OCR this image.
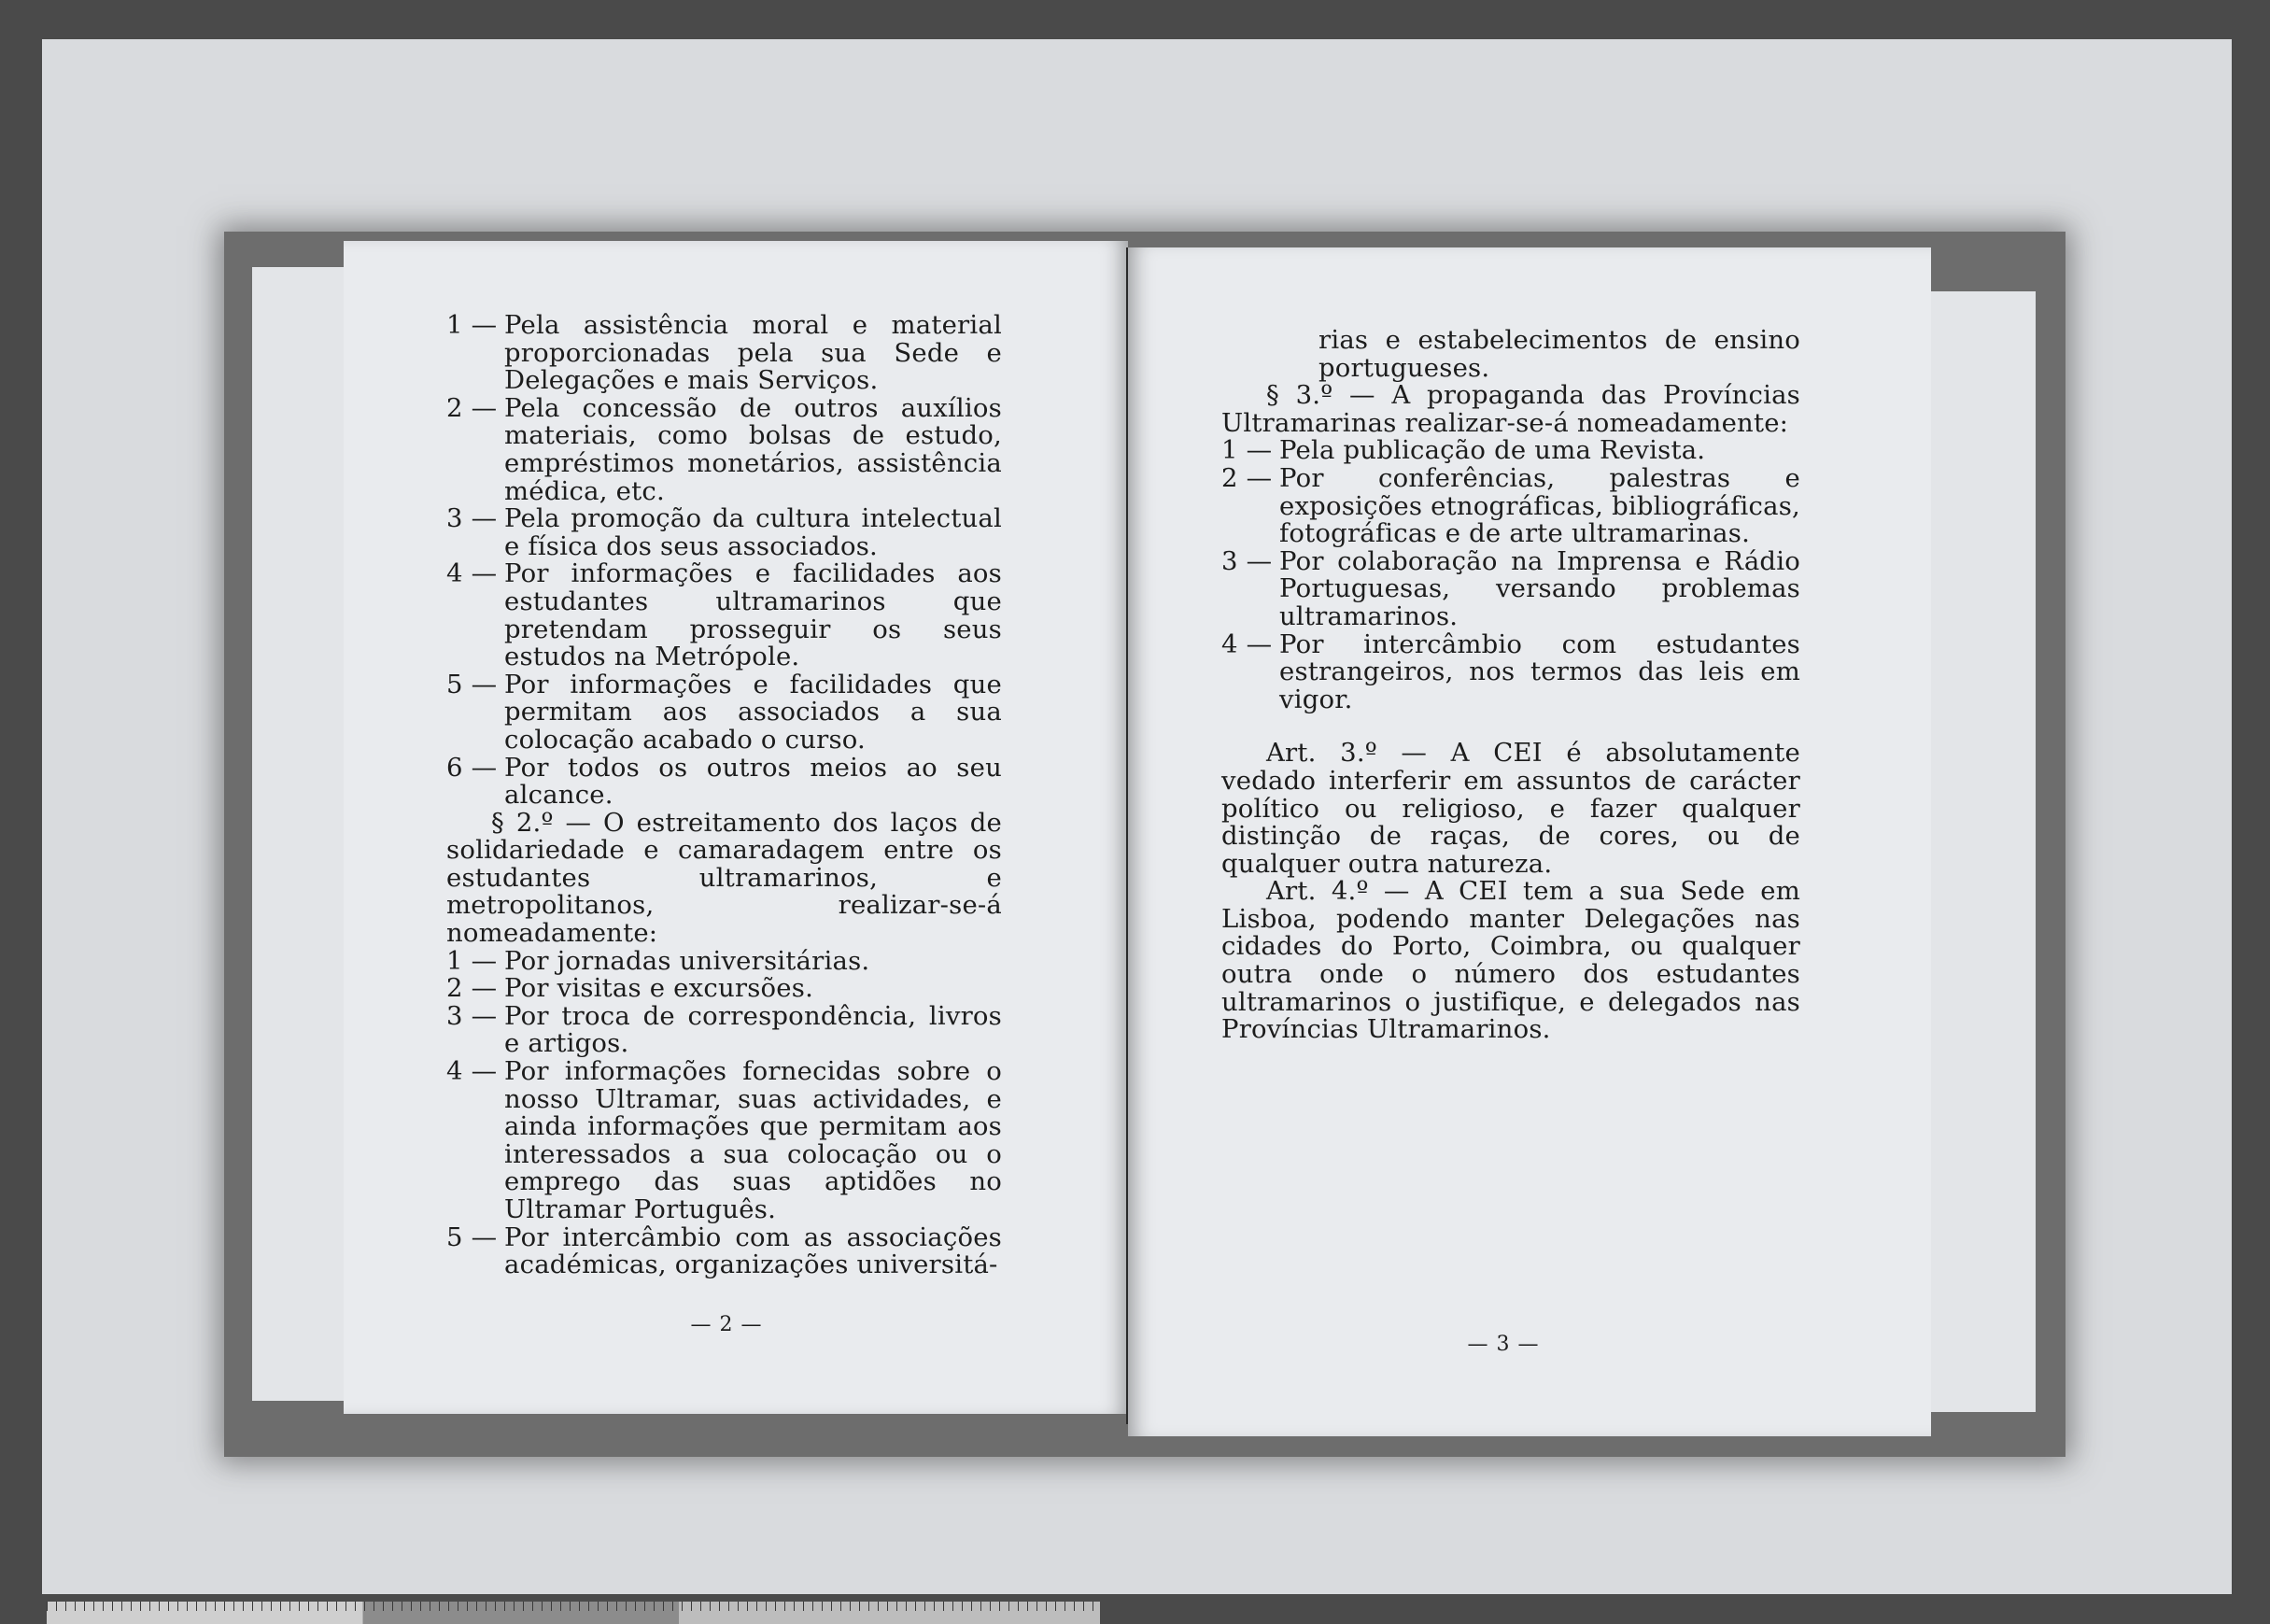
1 — Pela assistência moral e material proporcionadas pela sua Sede e Delegações e mais Serviços.
2 — Pela concessão de outros auxílios materiais, como bolsas de estudo, empréstimos monetários, assistência médica, etc.
3 — Pela promoção da cultura intelectual e física dos seus associados.
4 — Por informações e facilidades aos estudantes ultramarinos que pretendam prosseguir os seus estudos na Metrópole.
5 — Por informações e facilidades que permitam aos associados a sua colocação acabado o curso.
6 — Por todos os outros meios ao seu alcance.
§ 2.º — O estreitamento dos laços de solidariedade e camaradagem entre os estudantes ultramarinos, e metropolitanos, realizar-se-á nomeadamente:
1 — Por jornadas universitárias.
2 — Por visitas e excursões.
3 — Por troca de correspondência, livros e artigos.
4 — Por informações fornecidas sobre o nosso Ultramar, suas actividades, e ainda informações que permitam aos interessados a sua colocação ou o emprego das suas aptidões no Ultramar Português.
5 — Por intercâmbio com as associações académicas, organizações universitá-
— 2 —
rias e estabelecimentos de ensino portugueses.
§ 3.º — A propaganda das Províncias Ultramarinas realizar-se-á nomeadamente:
1 — Pela publicação de uma Revista.
2 — Por conferências, palestras e exposições etnográficas, bibliográficas, fotográficas e de arte ultramarinas.
3 — Por colaboração na Imprensa e Rádio Portuguesas, versando problemas ultramarinos.
4 — Por intercâmbio com estudantes estrangeiros, nos termos das leis em vigor.
Art. 3.º — A CEI é absolutamente vedado interferir em assuntos de carácter político ou religioso, e fazer qualquer distinção de raças, de cores, ou de qualquer outra natureza.
Art. 4.º — A CEI tem a sua Sede em Lisboa, podendo manter Delegações nas cidades do Porto, Coimbra, ou qualquer outra onde o número dos estudantes ultramarinos o justifique, e delegados nas Províncias Ultramarinos.
— 3 —
